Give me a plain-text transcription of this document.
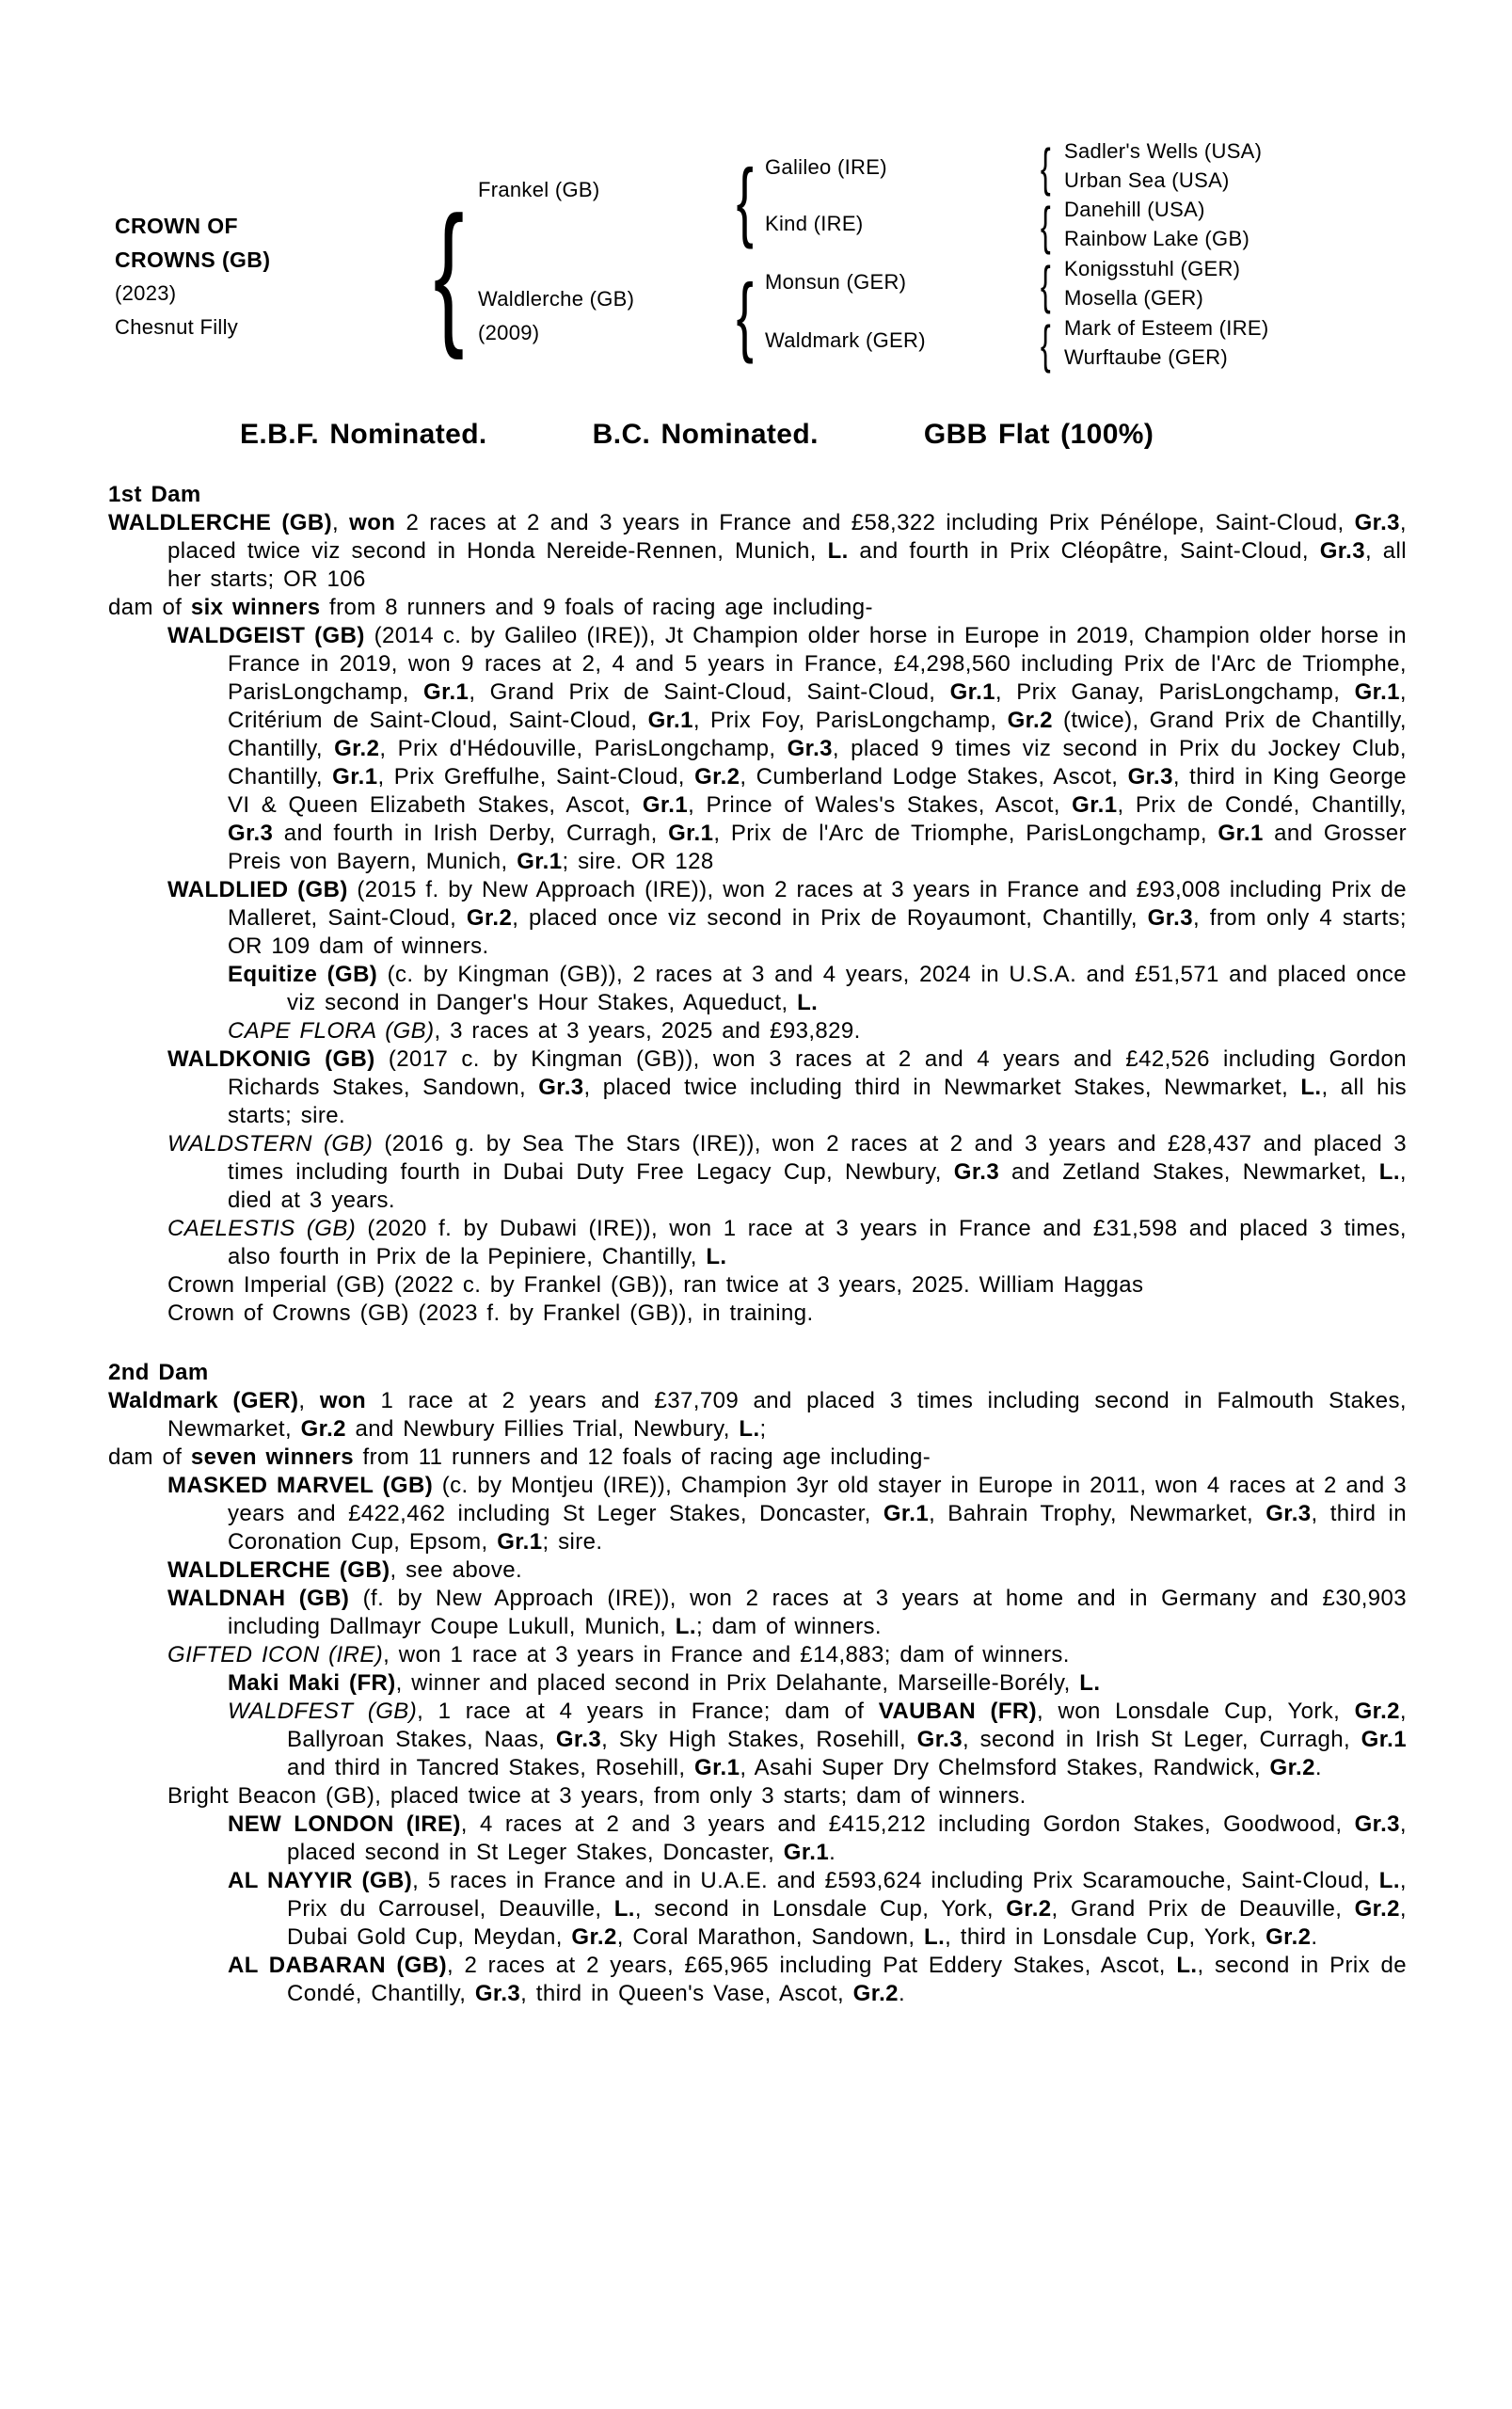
CROWN OF
CROWNS (GB)
(2023)
Chesnut Filly
{
Frankel (GB)
Waldlerche (GB)
(2009)
{
{
Galileo (IRE)
Kind (IRE)
Monsun (GER)
Waldmark (GER)
{
{
{
{
Sadler's Wells (USA)
Urban Sea (USA)
Danehill (USA)
Rainbow Lake (GB)
Konigsstuhl (GER)
Mosella (GER)
Mark of Esteem (IRE)
Wurftaube (GER)
E.B.F. Nominated.	B.C. Nominated.	GBB Flat (100%)

1st Dam

WALDLERCHE (GB), won 2 races at 2 and 3 years in France and £58,322 including Prix Pénélope, Saint-Cloud, Gr.3, placed twice viz second in Honda Nereide-Rennen, Munich, L. and fourth in Prix Cléopâtre, Saint-Cloud, Gr.3, all her starts; OR 106

dam of six winners from 8 runners and 9 foals of racing age including-

WALDGEIST (GB) (2014 c. by Galileo (IRE)), Jt Champion older horse in Europe in 2019, Champion older horse in France in 2019, won 9 races at 2, 4 and 5 years in France, £4,298,560 including Prix de l'Arc de Triomphe, ParisLongchamp, Gr.1, Grand Prix de Saint-Cloud, Saint-Cloud, Gr.1, Prix Ganay, ParisLongchamp, Gr.1, Critérium de Saint-Cloud, Saint-Cloud, Gr.1, Prix Foy, ParisLongchamp, Gr.2 (twice), Grand Prix de Chantilly, Chantilly, Gr.2, Prix d'Hédouville, ParisLongchamp, Gr.3, placed 9 times viz second in Prix du Jockey Club, Chantilly, Gr.1, Prix Greffulhe, Saint-Cloud, Gr.2, Cumberland Lodge Stakes, Ascot, Gr.3, third in King George VI & Queen Elizabeth Stakes, Ascot, Gr.1, Prince of Wales's Stakes, Ascot, Gr.1, Prix de Condé, Chantilly, Gr.3 and fourth in Irish Derby, Curragh, Gr.1, Prix de l'Arc de Triomphe, ParisLongchamp, Gr.1 and Grosser Preis von Bayern, Munich, Gr.1; sire. OR 128

WALDLIED (GB) (2015 f. by New Approach (IRE)), won 2 races at 3 years in France and £93,008 including Prix de Malleret, Saint-Cloud, Gr.2, placed once viz second in Prix de Royaumont, Chantilly, Gr.3, from only 4 starts; OR 109 dam of winners.

Equitize (GB) (c. by Kingman (GB)), 2 races at 3 and 4 years, 2024 in U.S.A. and £51,571 and placed once viz second in Danger's Hour Stakes, Aqueduct, L.

CAPE FLORA (GB), 3 races at 3 years, 2025 and £93,829.

WALDKONIG (GB) (2017 c. by Kingman (GB)), won 3 races at 2 and 4 years and £42,526 including Gordon Richards Stakes, Sandown, Gr.3, placed twice including third in Newmarket Stakes, Newmarket, L., all his starts; sire.

WALDSTERN (GB) (2016 g. by Sea The Stars (IRE)), won 2 races at 2 and 3 years and £28,437 and placed 3 times including fourth in Dubai Duty Free Legacy Cup, Newbury, Gr.3 and Zetland Stakes, Newmarket, L., died at 3 years.

CAELESTIS (GB) (2020 f. by Dubawi (IRE)), won 1 race at 3 years in France and £31,598 and placed 3 times, also fourth in Prix de la Pepiniere, Chantilly, L.

Crown Imperial (GB) (2022 c. by Frankel (GB)), ran twice at 3 years, 2025. William Haggas

Crown of Crowns (GB) (2023 f. by Frankel (GB)), in training.

2nd Dam

Waldmark (GER), won 1 race at 2 years and £37,709 and placed 3 times including second in Falmouth Stakes, Newmarket, Gr.2 and Newbury Fillies Trial, Newbury, L.;

dam of seven winners from 11 runners and 12 foals of racing age including-

MASKED MARVEL (GB) (c. by Montjeu (IRE)), Champion 3yr old stayer in Europe in 2011, won 4 races at 2 and 3 years and £422,462 including St Leger Stakes, Doncaster, Gr.1, Bahrain Trophy, Newmarket, Gr.3, third in Coronation Cup, Epsom, Gr.1; sire.

WALDLERCHE (GB), see above.

WALDNAH (GB) (f. by New Approach (IRE)), won 2 races at 3 years at home and in Germany and £30,903 including Dallmayr Coupe Lukull, Munich, L.; dam of winners.

GIFTED ICON (IRE), won 1 race at 3 years in France and £14,883; dam of winners.

Maki Maki (FR), winner and placed second in Prix Delahante, Marseille-Borély, L.

WALDFEST (GB), 1 race at 4 years in France; dam of VAUBAN (FR), won Lonsdale Cup, York, Gr.2, Ballyroan Stakes, Naas, Gr.3, Sky High Stakes, Rosehill, Gr.3, second in Irish St Leger, Curragh, Gr.1 and third in Tancred Stakes, Rosehill, Gr.1, Asahi Super Dry Chelmsford Stakes, Randwick, Gr.2.

Bright Beacon (GB), placed twice at 3 years, from only 3 starts; dam of winners.

NEW LONDON (IRE), 4 races at 2 and 3 years and £415,212 including Gordon Stakes, Goodwood, Gr.3, placed second in St Leger Stakes, Doncaster, Gr.1.

AL NAYYIR (GB), 5 races in France and in U.A.E. and £593,624 including Prix Scaramouche, Saint-Cloud, L., Prix du Carrousel, Deauville, L., second in Lonsdale Cup, York, Gr.2, Grand Prix de Deauville, Gr.2, Dubai Gold Cup, Meydan, Gr.2, Coral Marathon, Sandown, L., third in Lonsdale Cup, York, Gr.2.

AL DABARAN (GB), 2 races at 2 years, £65,965 including Pat Eddery Stakes, Ascot, L., second in Prix de Condé, Chantilly, Gr.3, third in Queen's Vase, Ascot, Gr.2.
